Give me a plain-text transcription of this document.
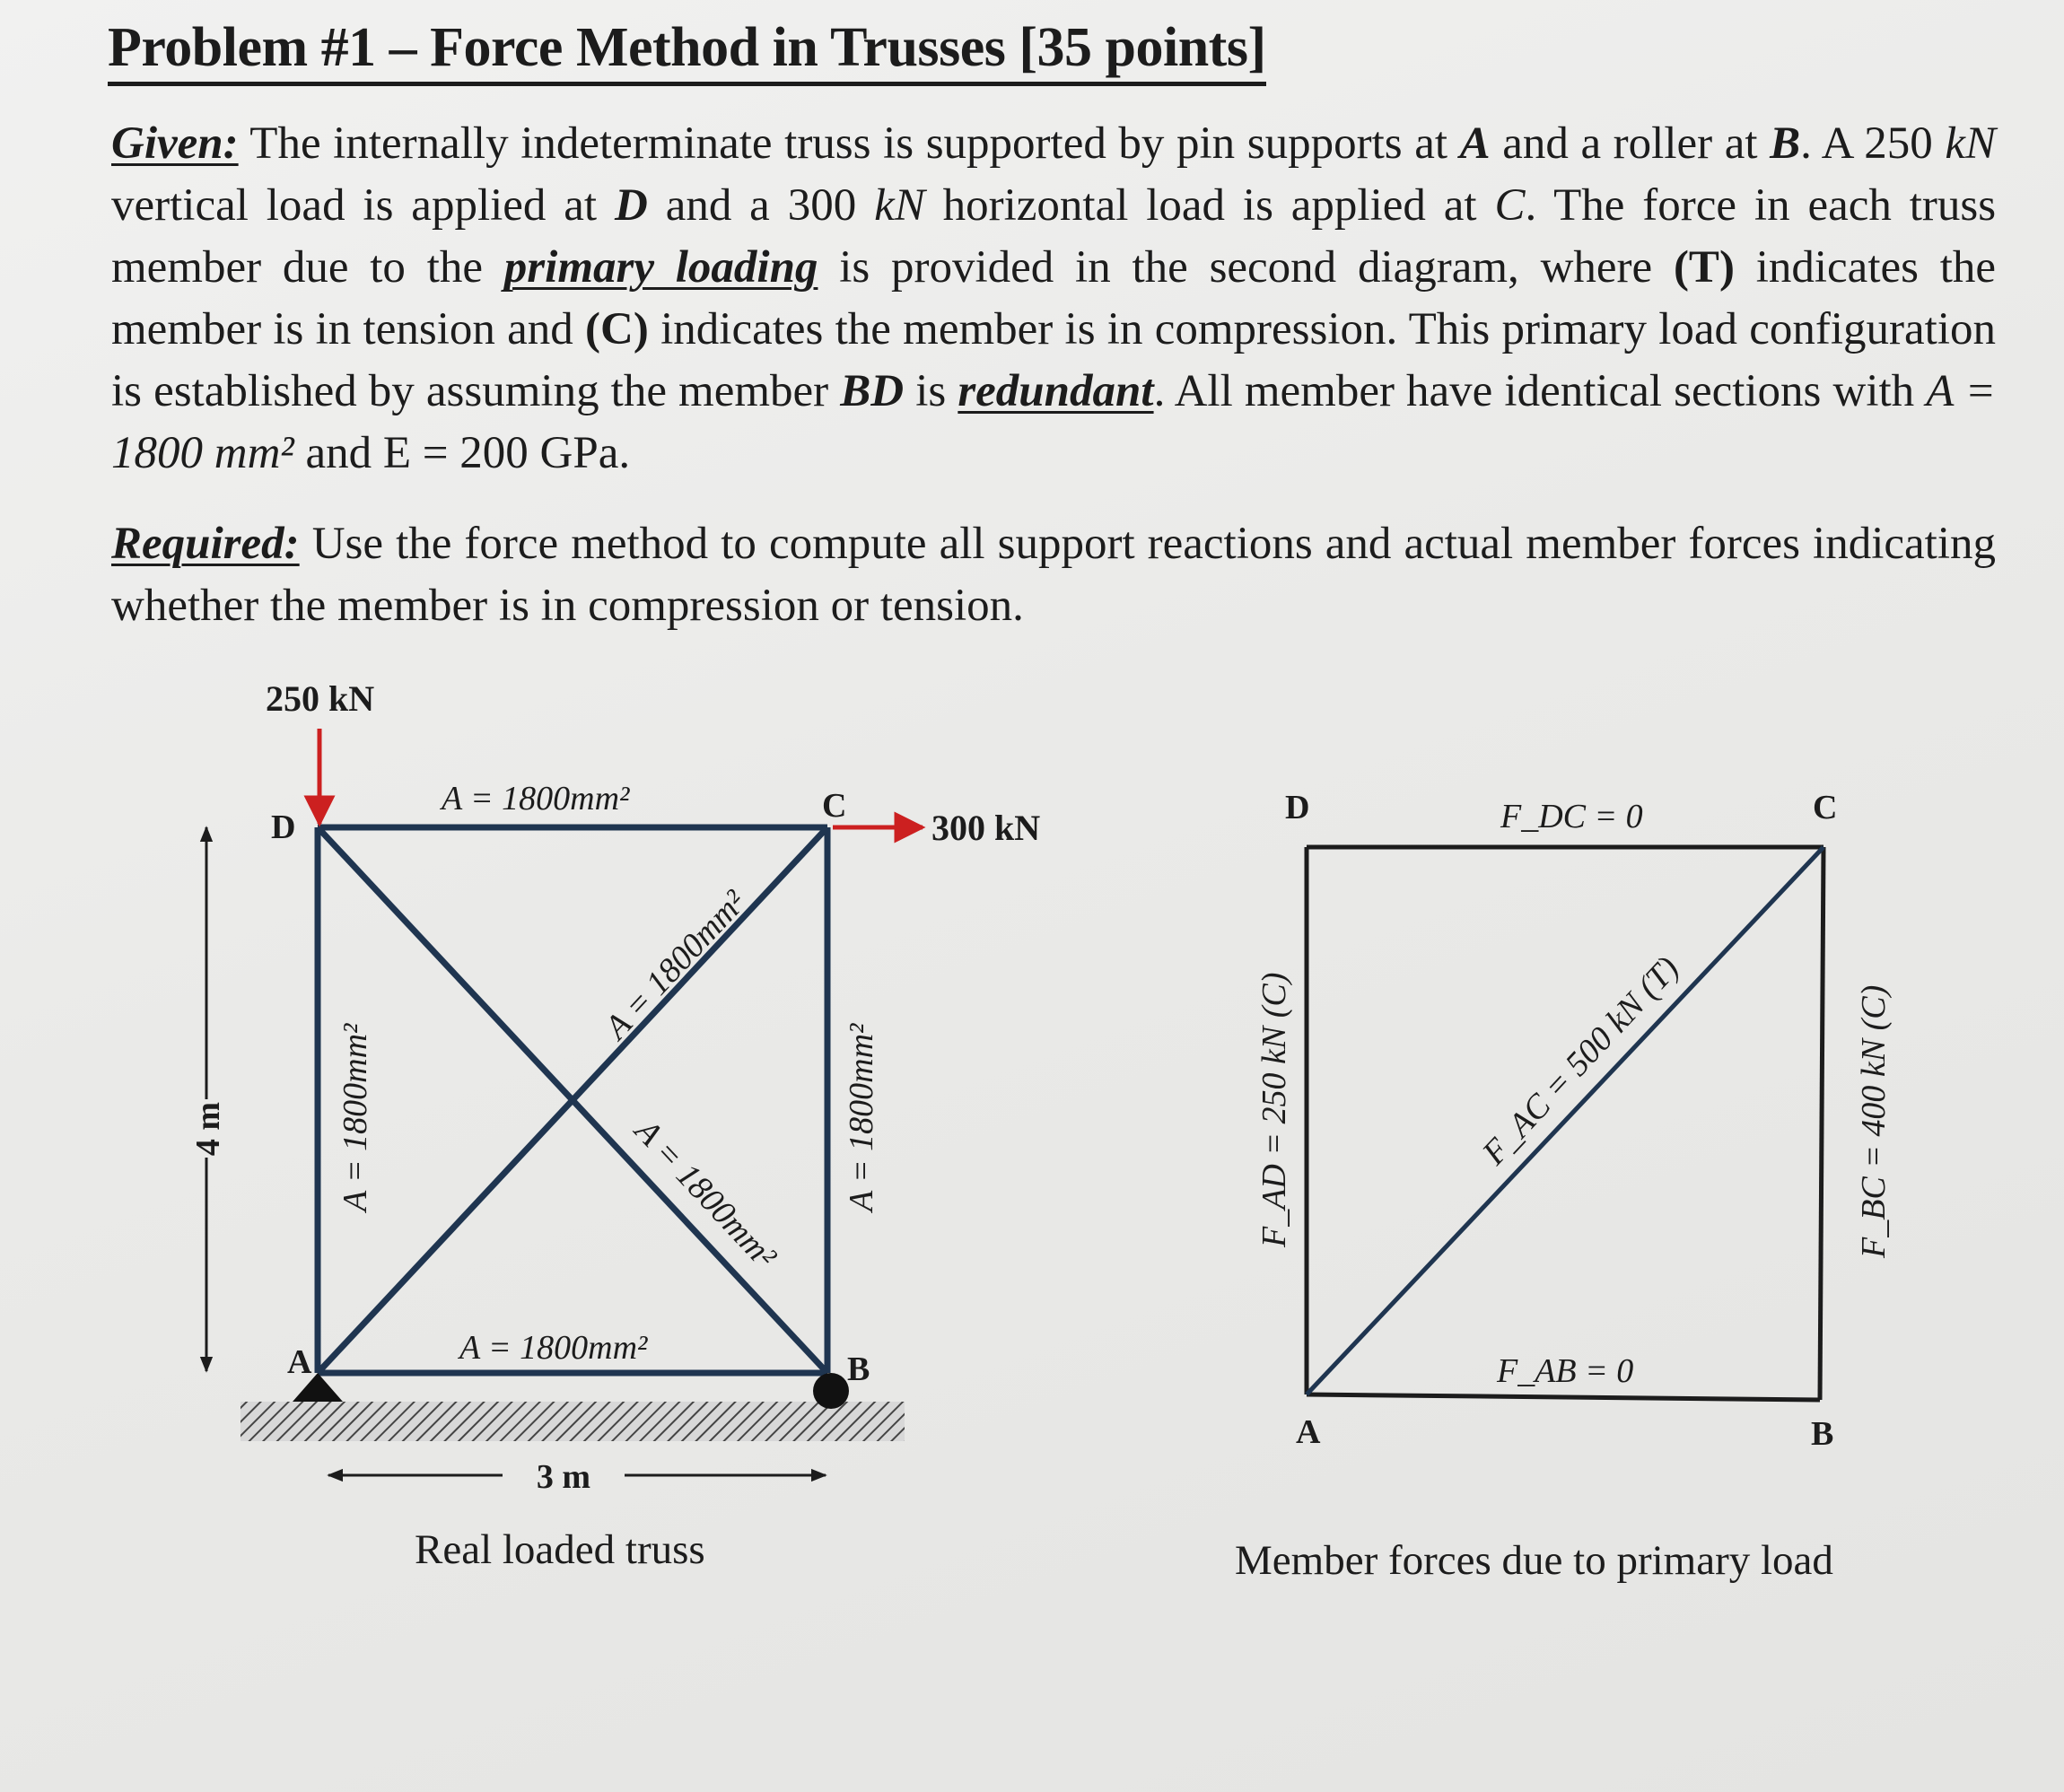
Problem #1 – Force Method in Trusses [35 points]
Given: The internally indeterminate truss is supported by pin supports at A and a roller at B. A 250 kN vertical load is applied at D and a 300 kN horizontal load is applied at C. The force in each truss member due to the primary loading is provided in the second diagram, where (T) indicates the member is in tension and (C) indicates the member is in compression. This primary load configuration is established by assuming the member BD is redundant. All member have identical sections with A = 1800 mm² and E = 200 GPa.
Required: Use the force method to compute all support reactions and actual member forces indicating whether the member is in compression or tension.
250 kN
300 kN
D
C
A	B
A = 1800mm²
A = 1800mm²
A = 1800mm²	A = 1800mm²
A = 1800mm²
A = 1800mm²
4 m
3 m
D	C
A	B
F_DC = 0
F_AB = 0
F_AD = 250 kN (C)	F_BC = 400 kN (C)
F_AC = 500 kN (T)
Real loaded truss	Member forces due to primary load
